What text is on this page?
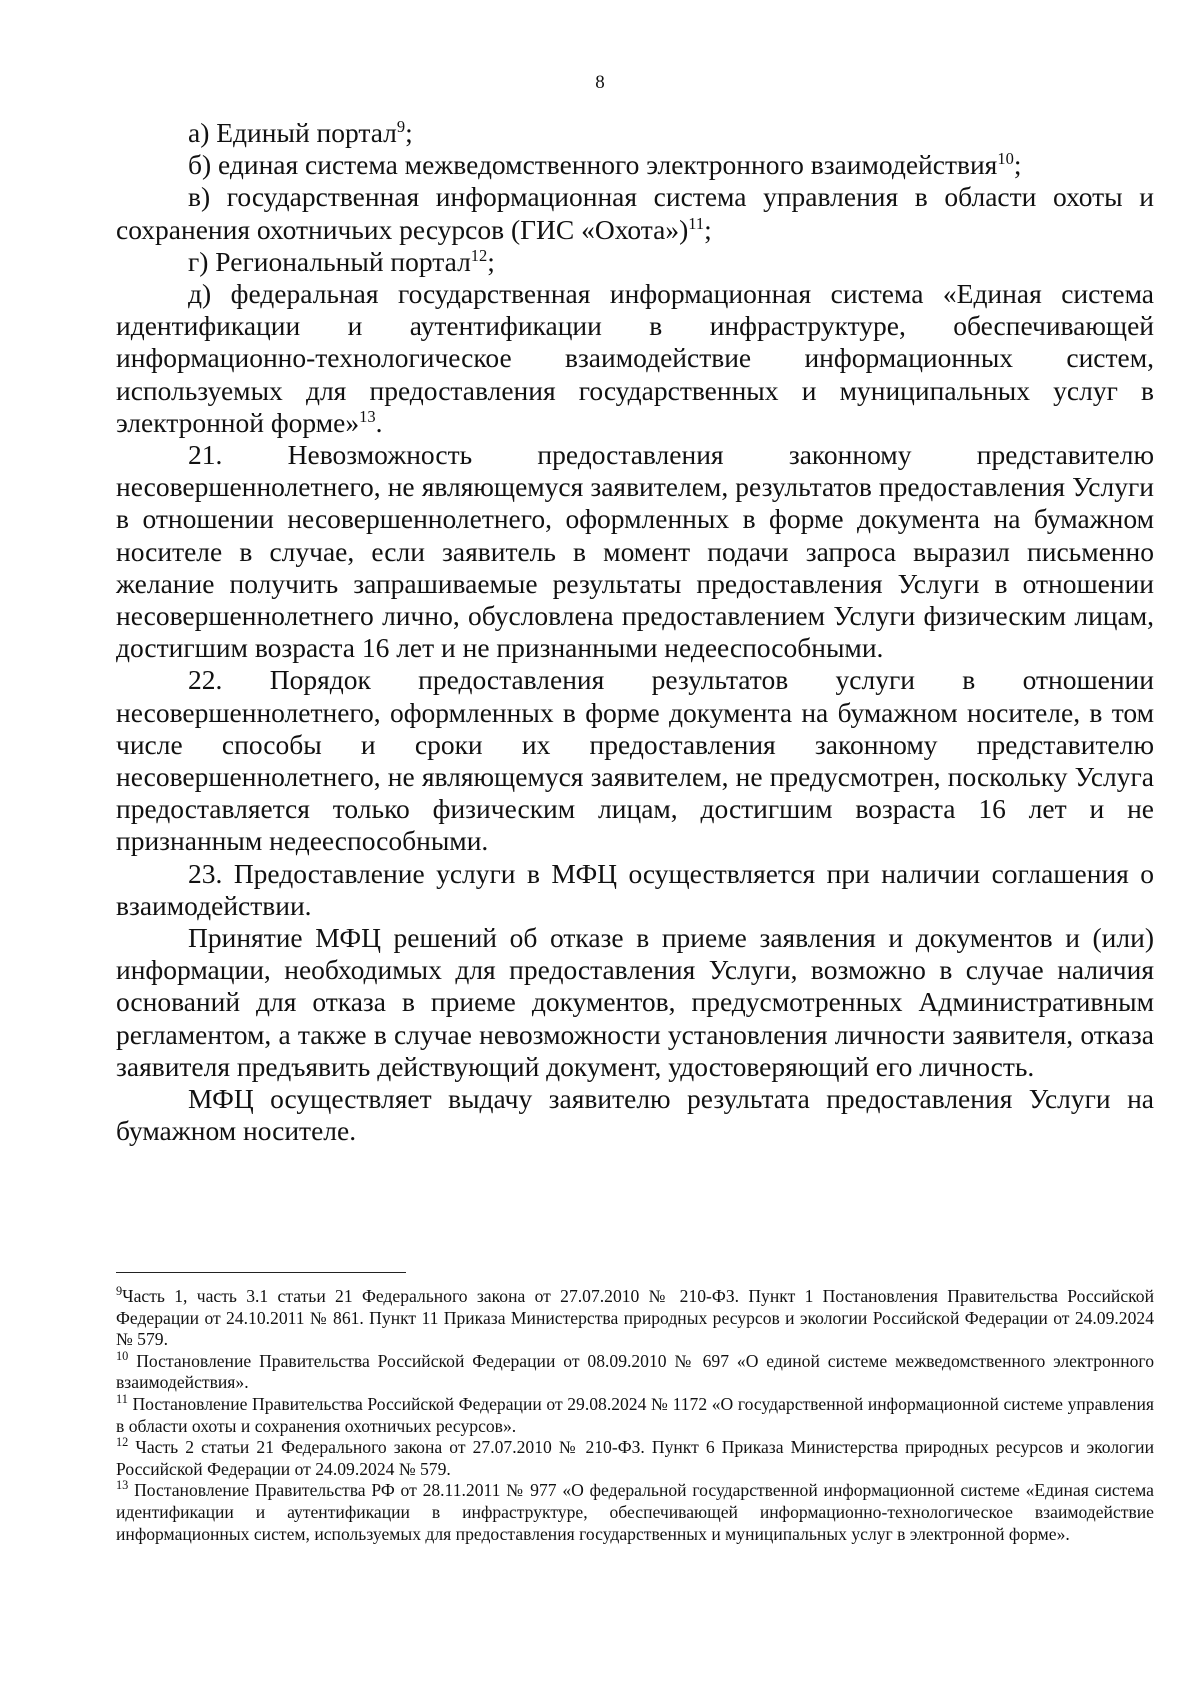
8

а) Единый портал$^9$;

б) единая система межведомственного электронного взаимодействия$^{10}$;

в) государственная информационная система управления в области охоты и сохранения охотничьих ресурсов (ГИС «Охота»)$^{11}$;

г) Региональный портал$^{12}$;

д) федеральная государственная информационная система «Единая система идентификации и аутентификации в инфраструктуре, обеспечивающей информационно-технологическое взаимодействие информационных систем, используемых для предоставления государственных и муниципальных услуг в электронной форме»$^{13}$.

21. Невозможность предоставления законному представителю несовершеннолетнего, не являющемуся заявителем, результатов предоставления Услуги в отношении несовершеннолетнего, оформленных в форме документа на бумажном носителе в случае, если заявитель в момент подачи запроса выразил письменно желание получить запрашиваемые результаты предоставления Услуги в отношении несовершеннолетнего лично, обусловлена предоставлением Услуги физическим лицам, достигшим возраста 16 лет и не признанными недееспособными.

22. Порядок предоставления результатов услуги в отношении несовершеннолетнего, оформленных в форме документа на бумажном носителе, в том числе способы и сроки их предоставления законному представителю несовершеннолетнего, не являющемуся заявителем, не предусмотрен, поскольку Услуга предоставляется только физическим лицам, достигшим возраста 16 лет и не признанным недееспособными.

23. Предоставление услуги в МФЦ осуществляется при наличии соглашения о взаимодействии.

Принятие МФЦ решений об отказе в приеме заявления и документов и (или) информации, необходимых для предоставления Услуги, возможно в случае наличия оснований для отказа в приеме документов, предусмотренных Административным регламентом, а также в случае невозможности установления личности заявителя, отказа заявителя предъявить действующий документ, удостоверяющий его личность.

МФЦ осуществляет выдачу заявителю результата предоставления Услуги на бумажном носителе.

$^9$Часть 1, часть 3.1 статьи 21 Федерального закона от 27.07.2010 № 210-ФЗ. Пункт 1 Постановления Правительства Российской Федерации от 24.10.2011 № 861. Пункт 11 Приказа Министерства природных ресурсов и экологии Российской Федерации от 24.09.2024 № 579.

$^{10}$ Постановление Правительства Российской Федерации от 08.09.2010 № 697 «О единой системе межведомственного электронного взаимодействия».

$^{11}$ Постановление Правительства Российской Федерации от 29.08.2024 № 1172 «О государственной информационной системе управления в области охоты и сохранения охотничьих ресурсов».

$^{12}$ Часть 2 статьи 21 Федерального закона от 27.07.2010 № 210-ФЗ. Пункт 6 Приказа Министерства природных ресурсов и экологии Российской Федерации от 24.09.2024 № 579.

$^{13}$ Постановление Правительства РФ от 28.11.2011 № 977 «О федеральной государственной информационной системе «Единая система идентификации и аутентификации в инфраструктуре, обеспечивающей информационно-технологическое взаимодействие информационных систем, используемых для предоставления государственных и муниципальных услуг в электронной форме».
